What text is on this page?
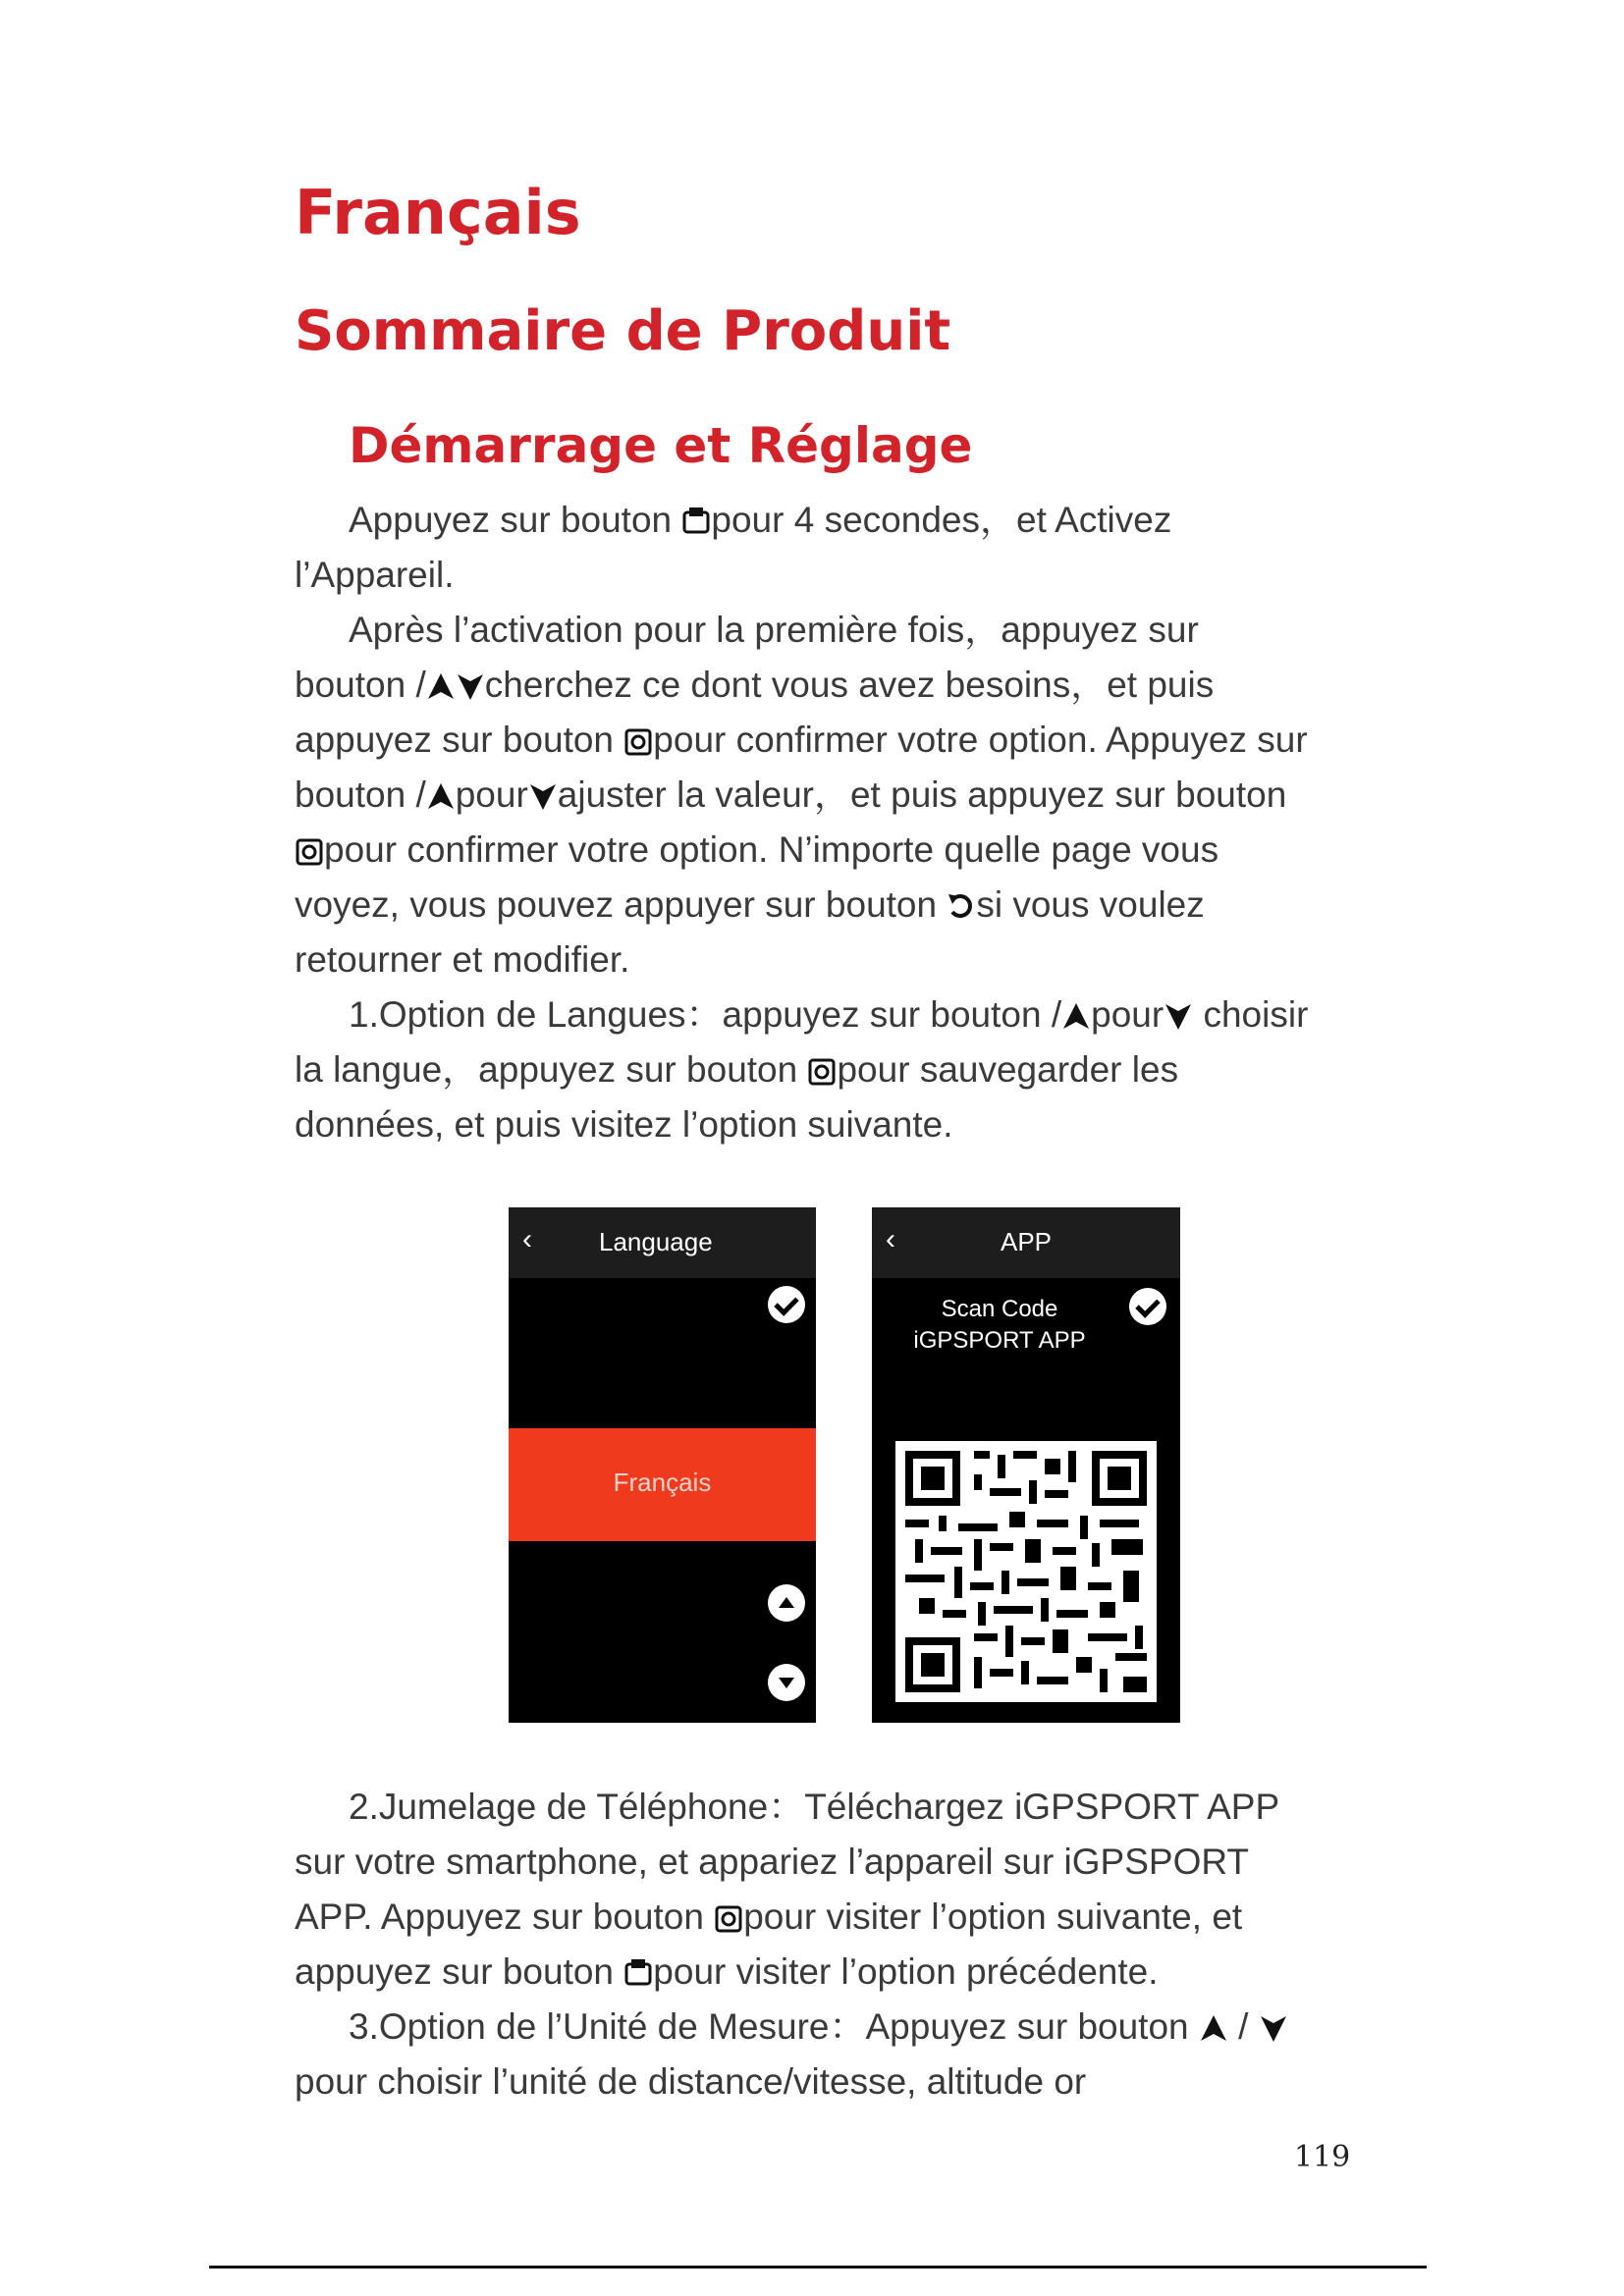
Français
Sommaire de Produit
Démarrage et Réglage

Appuyez sur bouton pour 4 secondes，et Activez l’Appareil.

Après l’activation pour la première fois，appuyez sur bouton / cherchez ce dont vous avez besoins，et puis appuyez sur bouton pour confirmer votre option. Appuyez sur bouton / pour ajuster la valeur，et puis appuyez sur bouton pour confirmer votre option. N’importe quelle page vous voyez, vous pouvez appuyer sur bouton si vous voulez retourner et modifier.

1.Option de Langues：appuyez sur bouton / pour choisir la langue，appuyez sur bouton pour sauvegarder les données, et puis visitez l’option suivante.

‹	Language
Français
‹	APP
Scan Code
iGPSPORT APP

2.Jumelage de Téléphone：Téléchargez iGPSPORT APP sur votre smartphone, et appariez l’appareil sur iGPSPORT APP. Appuyez sur bouton pour visiter l’option suivante, et appuyez sur bouton pour visiter l’option précédente.

3.Option de l’Unité de Mesure：Appuyez sur bouton  / pour choisir l’unité de distance/vitesse, altitude or

119
